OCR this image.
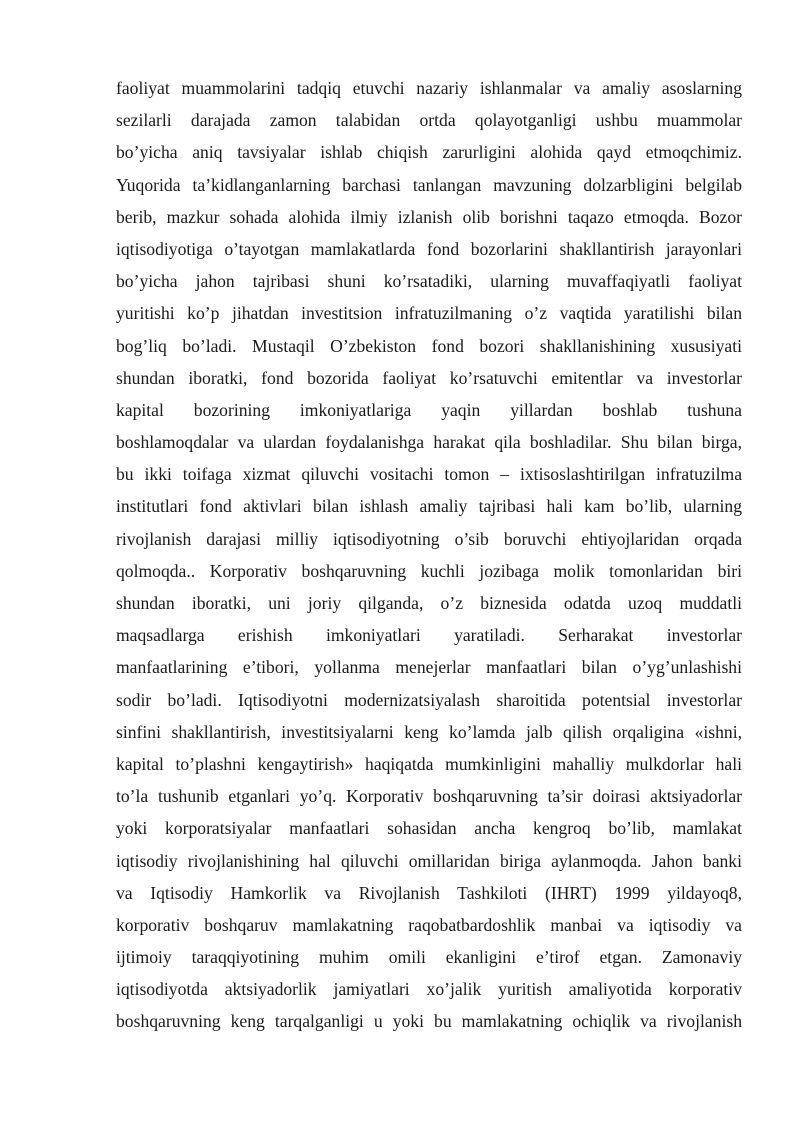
faoliyat muammolarini tadqiq etuvchi nazariy ishlanmalar va amaliy asoslarning
sezilarli darajada zamon talabidan ortda qolayotganligi ushbu muammolar
bo’yicha aniq tavsiyalar ishlab chiqish zarurligini alohida qayd etmoqchimiz.
Yuqorida ta’kidlanganlarning barchasi tanlangan mavzuning dolzarbligini belgilab
berib, mazkur sohada alohida ilmiy izlanish olib borishni taqazo etmoqda. Bozor
iqtisodiyotiga o’tayotgan mamlakatlarda fond bozorlarini shakllantirish jarayonlari
bo’yicha jahon tajribasi shuni ko’rsatadiki, ularning muvaffaqiyatli faoliyat
yuritishi ko’p jihatdan investitsion infratuzilmaning o’z vaqtida yaratilishi bilan
bog’liq bo’ladi. Mustaqil O’zbekiston fond bozori shakllanishining xususiyati
shundan iboratki, fond bozorida faoliyat ko’rsatuvchi emitentlar va investorlar
kapital bozorining imkoniyatlariga yaqin yillardan boshlab tushuna
boshlamoqdalar va ulardan foydalanishga harakat qila boshladilar. Shu bilan birga,
bu ikki toifaga xizmat qiluvchi vositachi tomon – ixtisoslashtirilgan infratuzilma
institutlari fond aktivlari bilan ishlash amaliy tajribasi hali kam bo’lib, ularning
rivojlanish darajasi milliy iqtisodiyotning o’sib boruvchi ehtiyojlaridan orqada
qolmoqda.. Korporativ boshqaruvning kuchli jozibaga molik tomonlaridan biri
shundan iboratki, uni joriy qilganda, o’z biznesida odatda uzoq muddatli
maqsadlarga erishish imkoniyatlari yaratiladi. Serharakat investorlar
manfaatlarining e’tibori, yollanma menejerlar manfaatlari bilan o’yg’unlashishi
sodir bo’ladi. Iqtisodiyotni modernizatsiyalash sharoitida potentsial investorlar
sinfini shakllantirish, investitsiyalarni keng ko’lamda jalb qilish orqaligina «ishni,
kapital to’plashni kengaytirish» haqiqatda mumkinligini mahalliy mulkdorlar hali
to’la tushunib etganlari yo’q. Korporativ boshqaruvning ta’sir doirasi aktsiyadorlar
yoki korporatsiyalar manfaatlari sohasidan ancha kengroq bo’lib, mamlakat
iqtisodiy rivojlanishining hal qiluvchi omillaridan biriga aylanmoqda. Jahon banki
va Iqtisodiy Hamkorlik va Rivojlanish Tashkiloti (IHRT) 1999 yildayoq8,
korporativ boshqaruv mamlakatning raqobatbardoshlik manbai va iqtisodiy va
ijtimoiy taraqqiyotining muhim omili ekanligini e’tirof etgan. Zamonaviy
iqtisodiyotda aktsiyadorlik jamiyatlari xo’jalik yuritish amaliyotida korporativ
boshqaruvning keng tarqalganligi u yoki bu mamlakatning ochiqlik va rivojlanish
